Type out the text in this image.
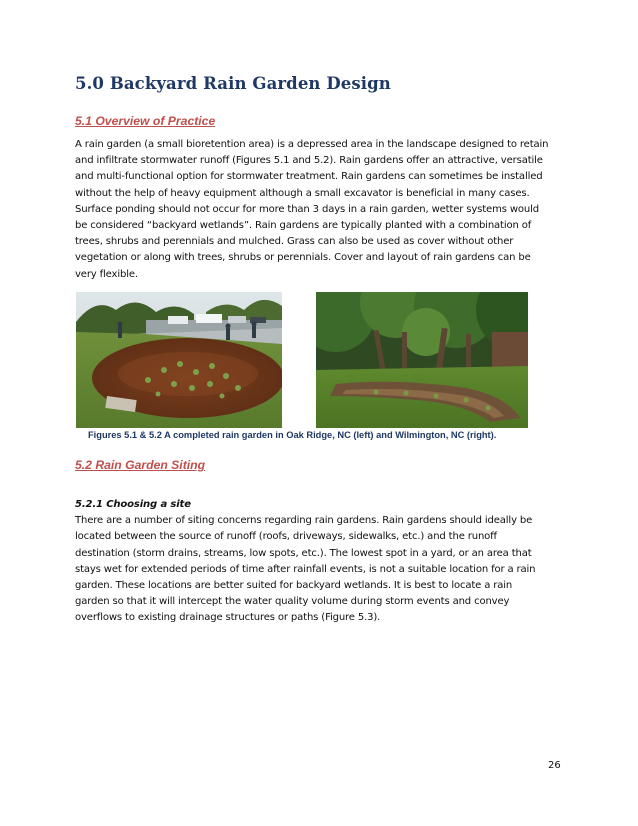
5.0 Backyard Rain Garden Design
5.1 Overview of Practice

A rain garden (a small bioretention area) is a depressed area in the landscape designed to retain
and infiltrate stormwater runoff (Figures 5.1 and 5.2). Rain gardens offer an attractive, versatile
and multi-functional option for stormwater treatment. Rain gardens can sometimes be installed
without the help of heavy equipment although a small excavator is beneficial in many cases.
Surface ponding should not occur for more than 3 days in a rain garden, wetter systems would
be considered “backyard wetlands”. Rain gardens are typically planted with a combination of
trees, shrubs and perennials and mulched. Grass can also be used as cover without other
vegetation or along with trees, shrubs or perennials. Cover and layout of rain gardens can be
very flexible.

Figures 5.1 & 5.2 A completed rain garden in Oak Ridge, NC (left) and Wilmington, NC (right).

5.2 Rain Garden Siting

5.2.1 Choosing a site
There are a number of siting concerns regarding rain gardens. Rain gardens should ideally be
located between the source of runoff (roofs, driveways, sidewalks, etc.) and the runoff
destination (storm drains, streams, low spots, etc.). The lowest spot in a yard, or an area that
stays wet for extended periods of time after rainfall events, is not a suitable location for a rain
garden. These locations are better suited for backyard wetlands. It is best to locate a rain
garden so that it will intercept the water quality volume during storm events and convey
overflows to existing drainage structures or paths (Figure 5.3).

26
